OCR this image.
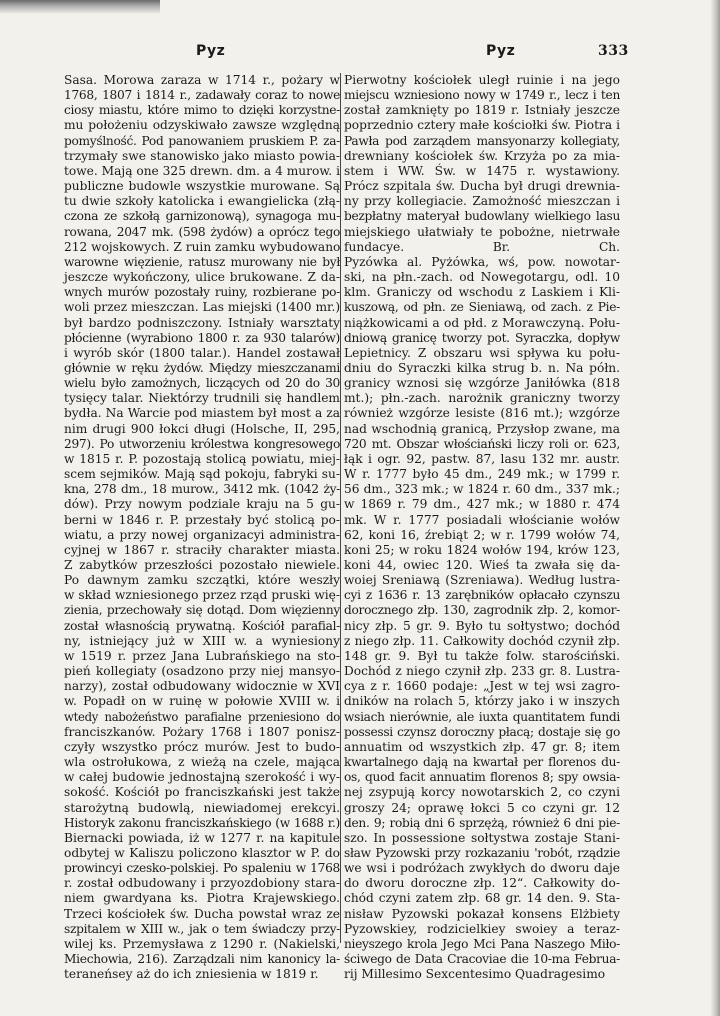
Pyz	Pyz	333

Sasa. Morowa zaraza w 1714 r., pożary w

1768, 1807 i 1814 r., zadawały coraz to nowe

ciosy miastu, które mimo to dzięki korzystne-

mu położeniu odzyskiwało zawsze względną

pomyślność. Pod panowaniem pruskiem P. za-

trzymały swe stanowisko jako miasto powia-

towe. Mają one 325 drewn. dm. a 4 murow. i

publiczne budowle wszystkie murowane. Są

tu dwie szkoły katolicka i ewangielicka (złą-

czona ze szkołą garnizonową), synagoga mu-

rowana, 2047 mk. (598 żydów) a oprócz tego

212 wojskowych. Z ruin zamku wybudowano

warowne więzienie, ratusz murowany nie był

jeszcze wykończony, ulice brukowane. Z da-

wnych murów pozostały ruiny, rozbierane po-

woli przez mieszczan. Las miejski (1400 mr.)

był bardzo podniszczony. Istniały warsztaty

płócienne (wyrabiono 1800 r. za 930 talarów)

i wyrób skór (1800 talar.). Handel zostawał

głównie w ręku żydów. Między mieszczanami

wielu było zamożnych, liczących od 20 do 30

tysięcy talar. Niektórzy trudnili się handlem

bydła. Na Warcie pod miastem był most a za

nim drugi 900 łokci długi (Holsche, II, 295,

297). Po utworzeniu królestwa kongresowego

w 1815 r. P. pozostają stolicą powiatu, miej-

scem sejmików. Mają sąd pokoju, fabryki su-

kna, 278 dm., 18 murow., 3412 mk. (1042 ży-

dów). Przy nowym podziale kraju na 5 gu-

berni w 1846 r. P. przestały być stolicą po-

wiatu, a przy nowej organizacyi administra-

cyjnej w 1867 r. straciły charakter miasta.

Z zabytków przeszłości pozostało niewiele.

Po dawnym zamku szczątki, które weszły

w skład wzniesionego przez rząd pruski wię-

zienia, przechowały się dotąd. Dom więzienny

został własnością prywatną. Kościół parafial-

ny, istniejący już w XIII w. a wyniesiony

w 1519 r. przez Jana Lubrańskiego na sto-

pień kollegiaty (osadzono przy niej mansyo-

narzy), został odbudowany widocznie w XVI

w. Popadł on w ruinę w połowie XVIII w. i

wtedy nabożeństwo parafialne przeniesiono do

franciszkanów. Pożary 1768 i 1807 ponisz-

czyły wszystko prócz murów. Jest to budo-

wla ostrołukowa, z wieżą na czele, mająca

w całej budowie jednostajną szerokość i wy-

sokość. Kościół po franciszkański jest także

starożytną budowlą, niewiadomej erekcyi.

Historyk zakonu franciszkańskiego (w 1688 r.)

Biernacki powiada, iż w 1277 r. na kapitule

odbytej w Kaliszu policzono klasztor w P. do

prowincyi czesko-polskiej. Po spaleniu w 1768

r. został odbudowany i przyozdobiony stara-

niem gwardyana ks. Piotra Krajewskiego.

Trzeci kościołek św. Ducha powstał wraz ze

szpitalem w XIII w., jak o tem świadczy przy-

wilej ks. Przemysława z 1290 r. (Nakielski,

Miechowia, 216). Zarządzali nim kanonicy la-

teraneńsey aż do ich zniesienia w 1819 r.

Pierwotny kościołek uległ ruinie i na jego

miejscu wzniesiono nowy w 1749 r., lecz i ten

został zamknięty po 1819 r. Istniały jeszcze

poprzednio cztery małe kościołki św. Piotra i

Pawła pod zarządem mansyonarzy kollegiaty,

drewniany kościołek św. Krzyża po za mia-

stem i WW. Św. w 1475 r. wystawiony.

Prócz szpitala św. Ducha był drugi drewnia-

ny przy kollegiacie. Zamożność mieszczan i

bezpłatny materyał budowlany wielkiego lasu

miejskiego ułatwiały te pobożne, nietrwałe

fundacye. Br. Ch.

Pyzówka al. Pyżówka, wś, pow. nowotar-

ski, na płn.-zach. od Nowegotargu, odl. 10

klm. Graniczy od wschodu z Laskiem i Kli-

kuszową, od płn. ze Sieniawą, od zach. z Pie-

niążkowicami a od płd. z Morawczyną. Połu-

dniową granicę tworzy pot. Syraczka, dopływ

Lepietnicy. Z obszaru wsi spływa ku połu-

dniu do Syraczki kilka strug b. n. Na półn.

granicy wznosi się wzgórze Janiłówka (818

mt.); płn.-zach. narożnik graniczny tworzy

również wzgórze lesiste (816 mt.); wzgórze

nad wschodnią granicą, Przysłop zwane, ma

720 mt. Obszar włościański liczy roli or. 623,

łąk i ogr. 92, pastw. 87, lasu 132 mr. austr.

W r. 1777 było 45 dm., 249 mk.; w 1799 r.

56 dm., 323 mk.; w 1824 r. 60 dm., 337 mk.;

w 1869 r. 79 dm., 427 mk.; w 1880 r. 474

mk. W r. 1777 posiadali włościanie wołów

62, koni 16, źrebiąt 2; w r. 1799 wołów 74,

koni 25; w roku 1824 wołów 194, krów 123,

koni 44, owiec 120. Wieś ta zwała się da-

woiej Sreniawą (Szreniawa). Według lustra-

cyi z 1636 r. 13 zarębników opłacało czynszu

dorocznego złp. 130, zagrodnik złp. 2, komor-

nicy złp. 5 gr. 9. Było tu sołtystwo; dochód

z niego złp. 11. Całkowity dochód czynił złp.

148 gr. 9. Był tu także folw. starościński.

Dochód z niego czynił złp. 233 gr. 8. Lustra-

cya z r. 1660 podaje: „Jest w tej wsi zagro-

dników na rolach 5, którzy jako i w inszych

wsiach nierównie, ale iuxta quantitatem fundi

possessi czynsz doroczny płacą; dostaje się go

annuatim od wszystkich złp. 47 gr. 8; item

kwartalnego dają na kwartał per florenos du-

os, quod facit annuatim florenos 8; spy owsia-

nej zsypują korcy nowotarskich 2, co czyni

groszy 24; oprawę łokci 5 co czyni gr. 12

den. 9; robią dni 6 sprzężą, również 6 dni pie-

szo. In possessione sołtystwa zostaje Stani-

sław Pyzowski przy rozkazaniu 'robót, rządzie

we wsi i podróżach zwykłych do dworu daje

do dworu doroczne złp. 12“. Całkowity do-

chód czyni zatem złp. 68 gr. 14 den. 9. Sta-

nisław Pyzowski pokazał konsens Elżbiety

Pyzowskiey, rodzicielkiey swoiey a teraz-

nieyszego krola Jego Mci Pana Naszego Miło-

ściwego de Data Cracoviae die 10-ma Februa-

rij Millesimo Sexcentesimo Quadragesimo
